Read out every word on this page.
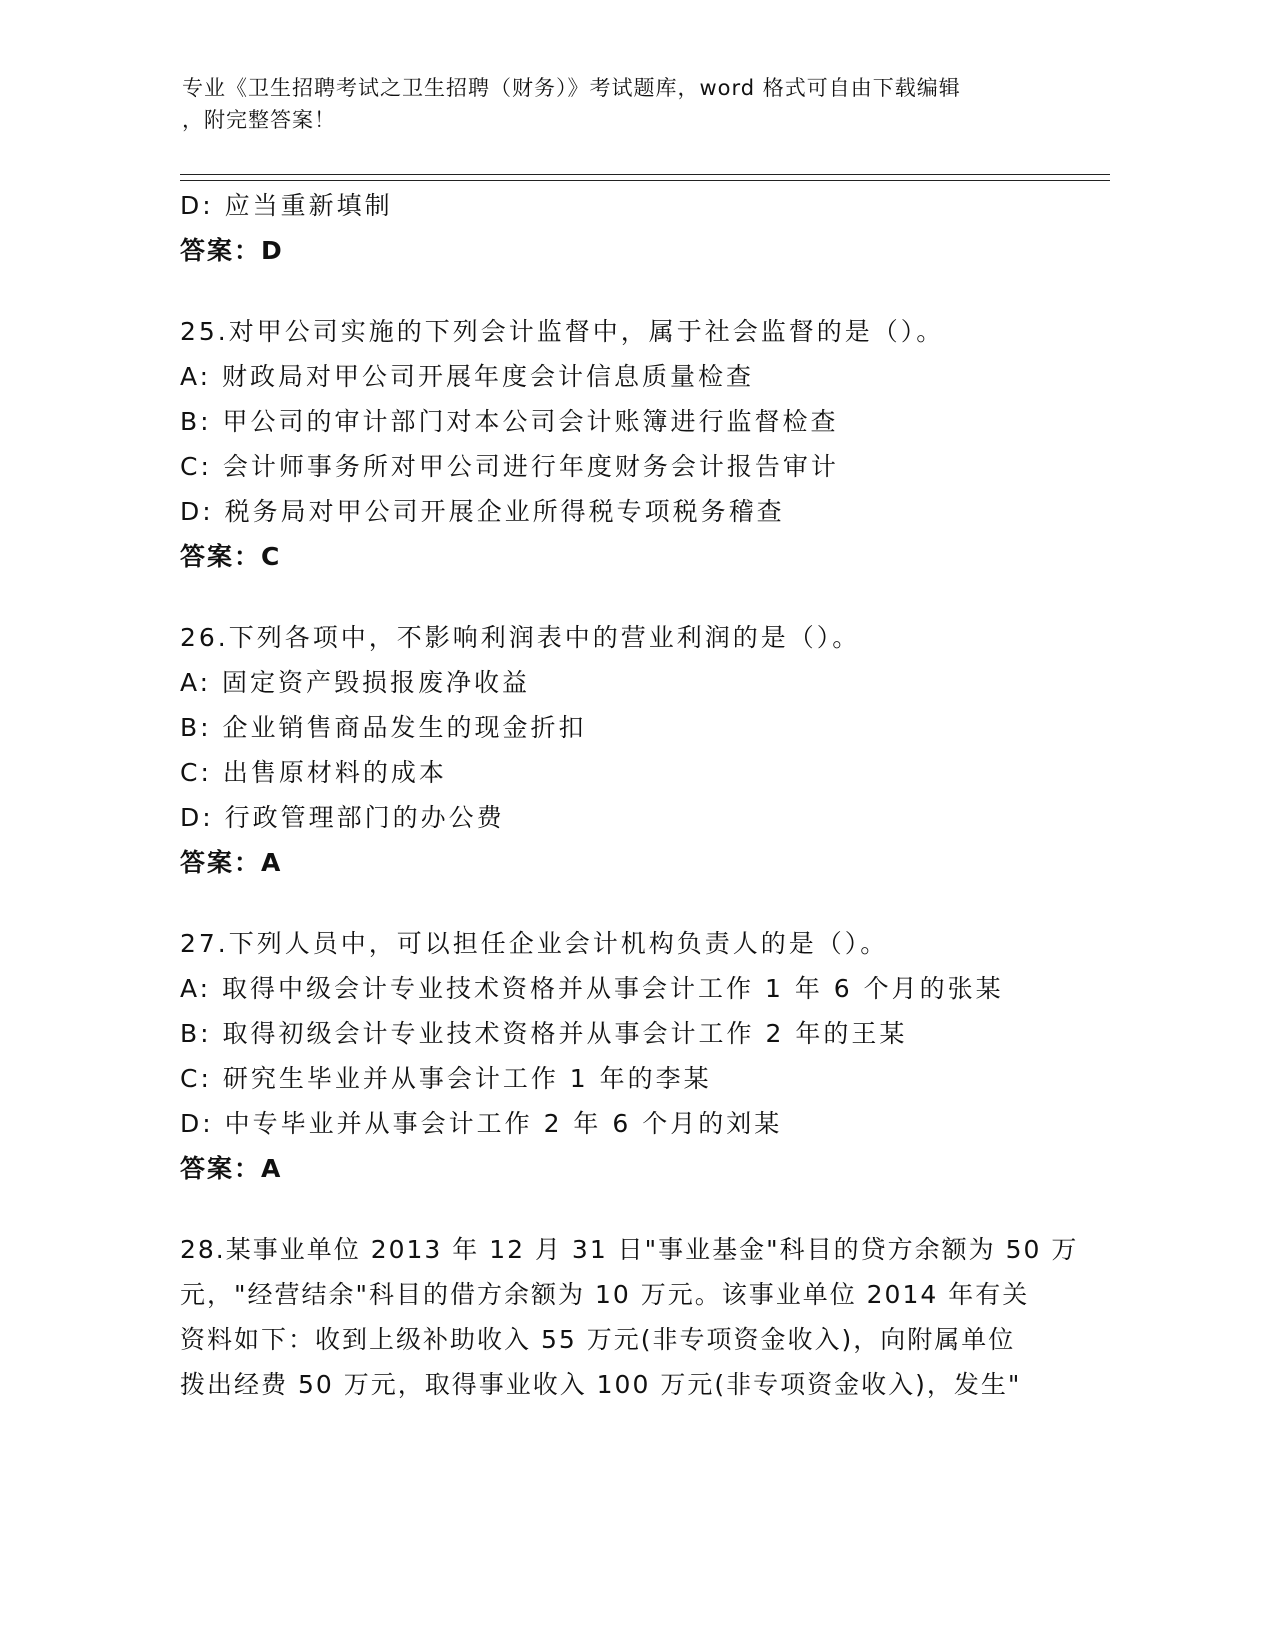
专业《卫生招聘考试之卫生招聘（财务）》考试题库，word 格式可自由下载编辑
，附完整答案！
D: 应当重新填制
答案：D
25.对甲公司实施的下列会计监督中，属于社会监督的是（）。
A: 财政局对甲公司开展年度会计信息质量检查
B: 甲公司的审计部门对本公司会计账簿进行监督检查
C: 会计师事务所对甲公司进行年度财务会计报告审计
D: 税务局对甲公司开展企业所得税专项税务稽查
答案：C
26.下列各项中，不影响利润表中的营业利润的是（）。
A: 固定资产毁损报废净收益
B: 企业销售商品发生的现金折扣
C: 出售原材料的成本
D: 行政管理部门的办公费
答案：A
27.下列人员中，可以担任企业会计机构负责人的是（）。
A: 取得中级会计专业技术资格并从事会计工作 1 年 6 个月的张某
B: 取得初级会计专业技术资格并从事会计工作 2 年的王某
C: 研究生毕业并从事会计工作 1 年的李某
D: 中专毕业并从事会计工作 2 年 6 个月的刘某
答案：A
28.某事业单位 2013 年 12 月 31 日"事业基金"科目的贷方余额为 50 万
元，"经营结余"科目的借方余额为 10 万元。该事业单位 2014 年有关
资料如下：收到上级补助收入 55 万元(非专项资金收入)，向附属单位
拨出经费 50 万元，取得事业收入 100 万元(非专项资金收入)，发生"
